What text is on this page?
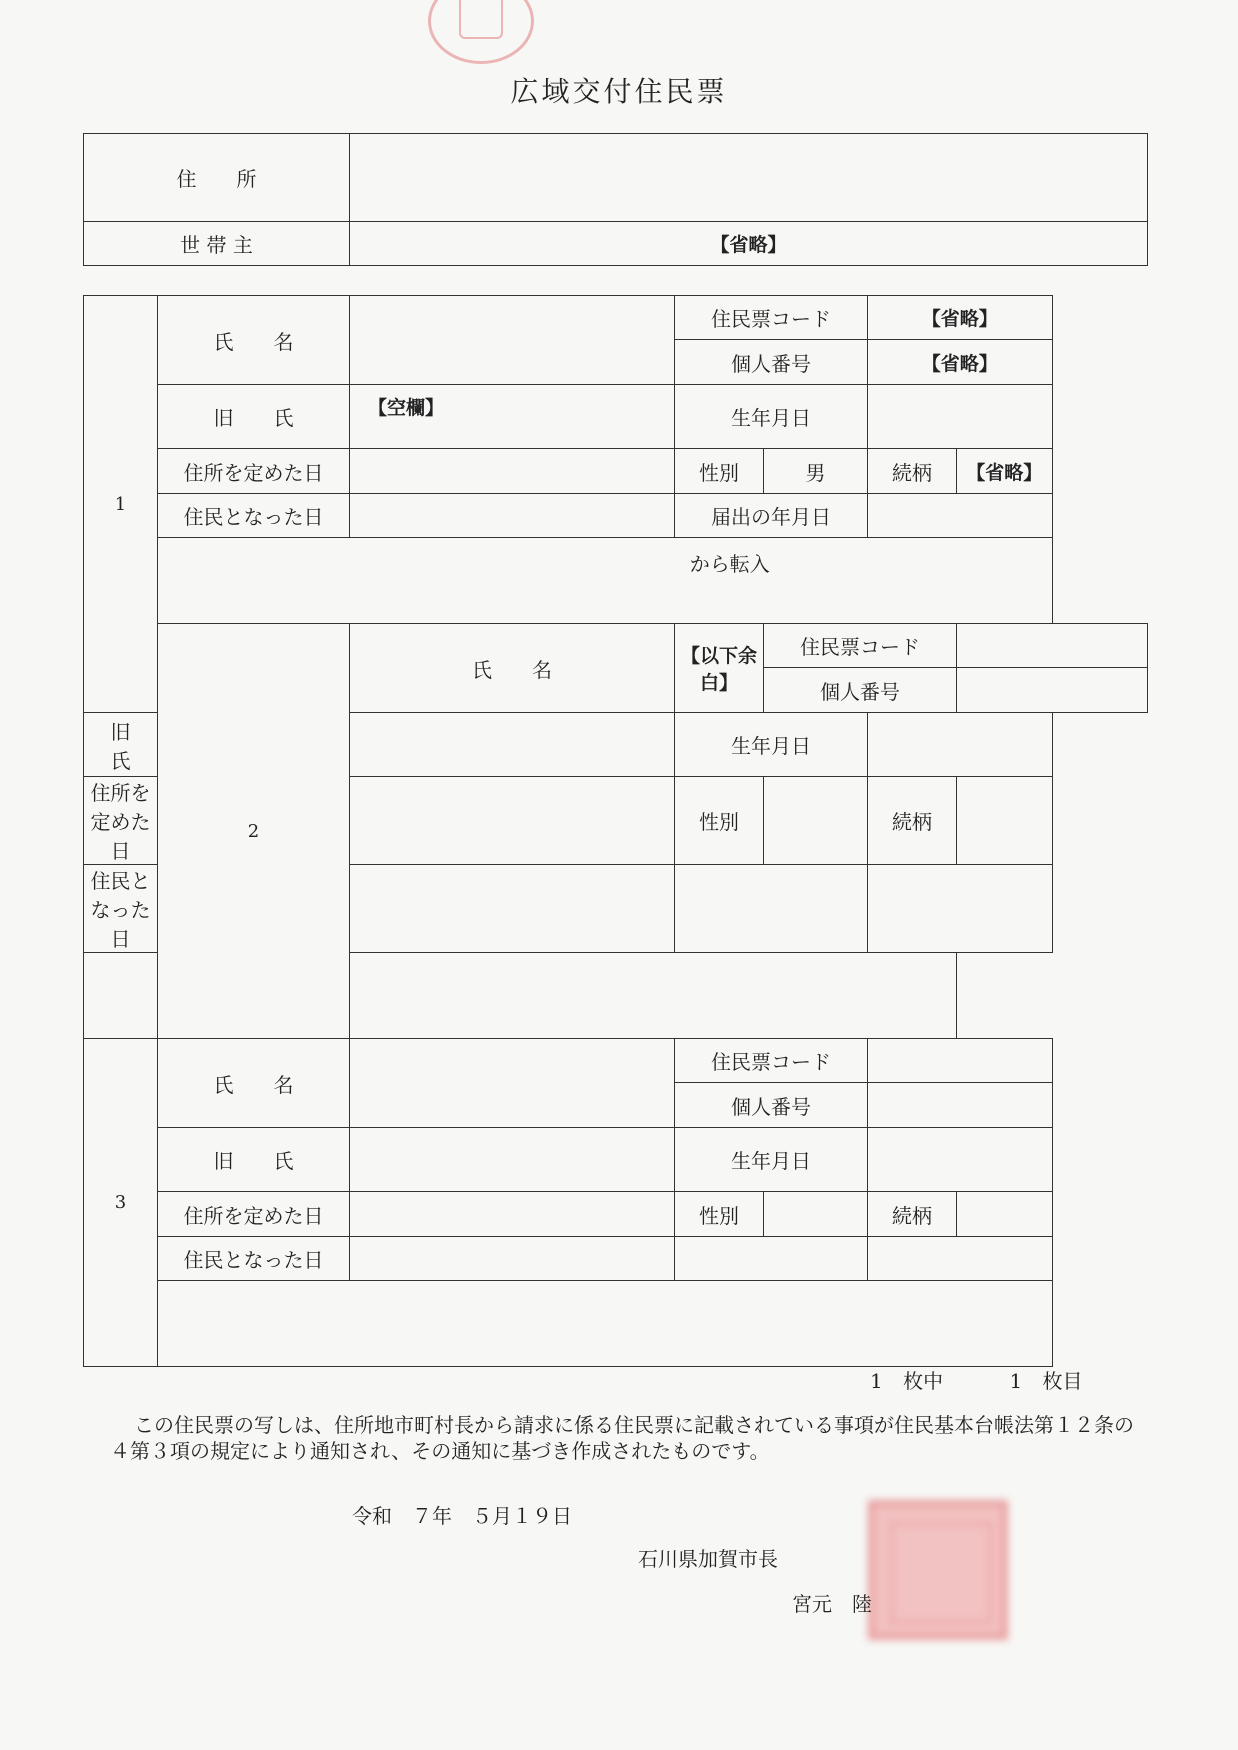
広域交付住民票
住　　所	
世 帯 主	【省略】
1	氏　　名		住民票コード		【省略】	
			個人番号		【省略】	
	旧　　氏	【空欄】	生年月日			
	住所を定めた日		性別	男	続柄	【省略】
	住民となった日		届出の年月日			
	から転入					
	2	氏　　名	【以下余白】	住民票コード		
				個人番号		
旧　　氏			生年月日			
住所を定めた日			性別		続柄	
住民となった日						

3	氏　　名		住民票コード			
			個人番号			
	旧　　氏		生年月日			
	住所を定めた日		性別		続柄	
	住民となった日					

1 枚中	1 枚目
この住民票の写しは、住所地市町村長から請求に係る住民票に記載されている事項が住民基本台帳法第１２条の４第３項の規定により通知され、その通知に基づき作成されたものです。
令和　７年　５月１９日
石川県加賀市長
宮元　陸
